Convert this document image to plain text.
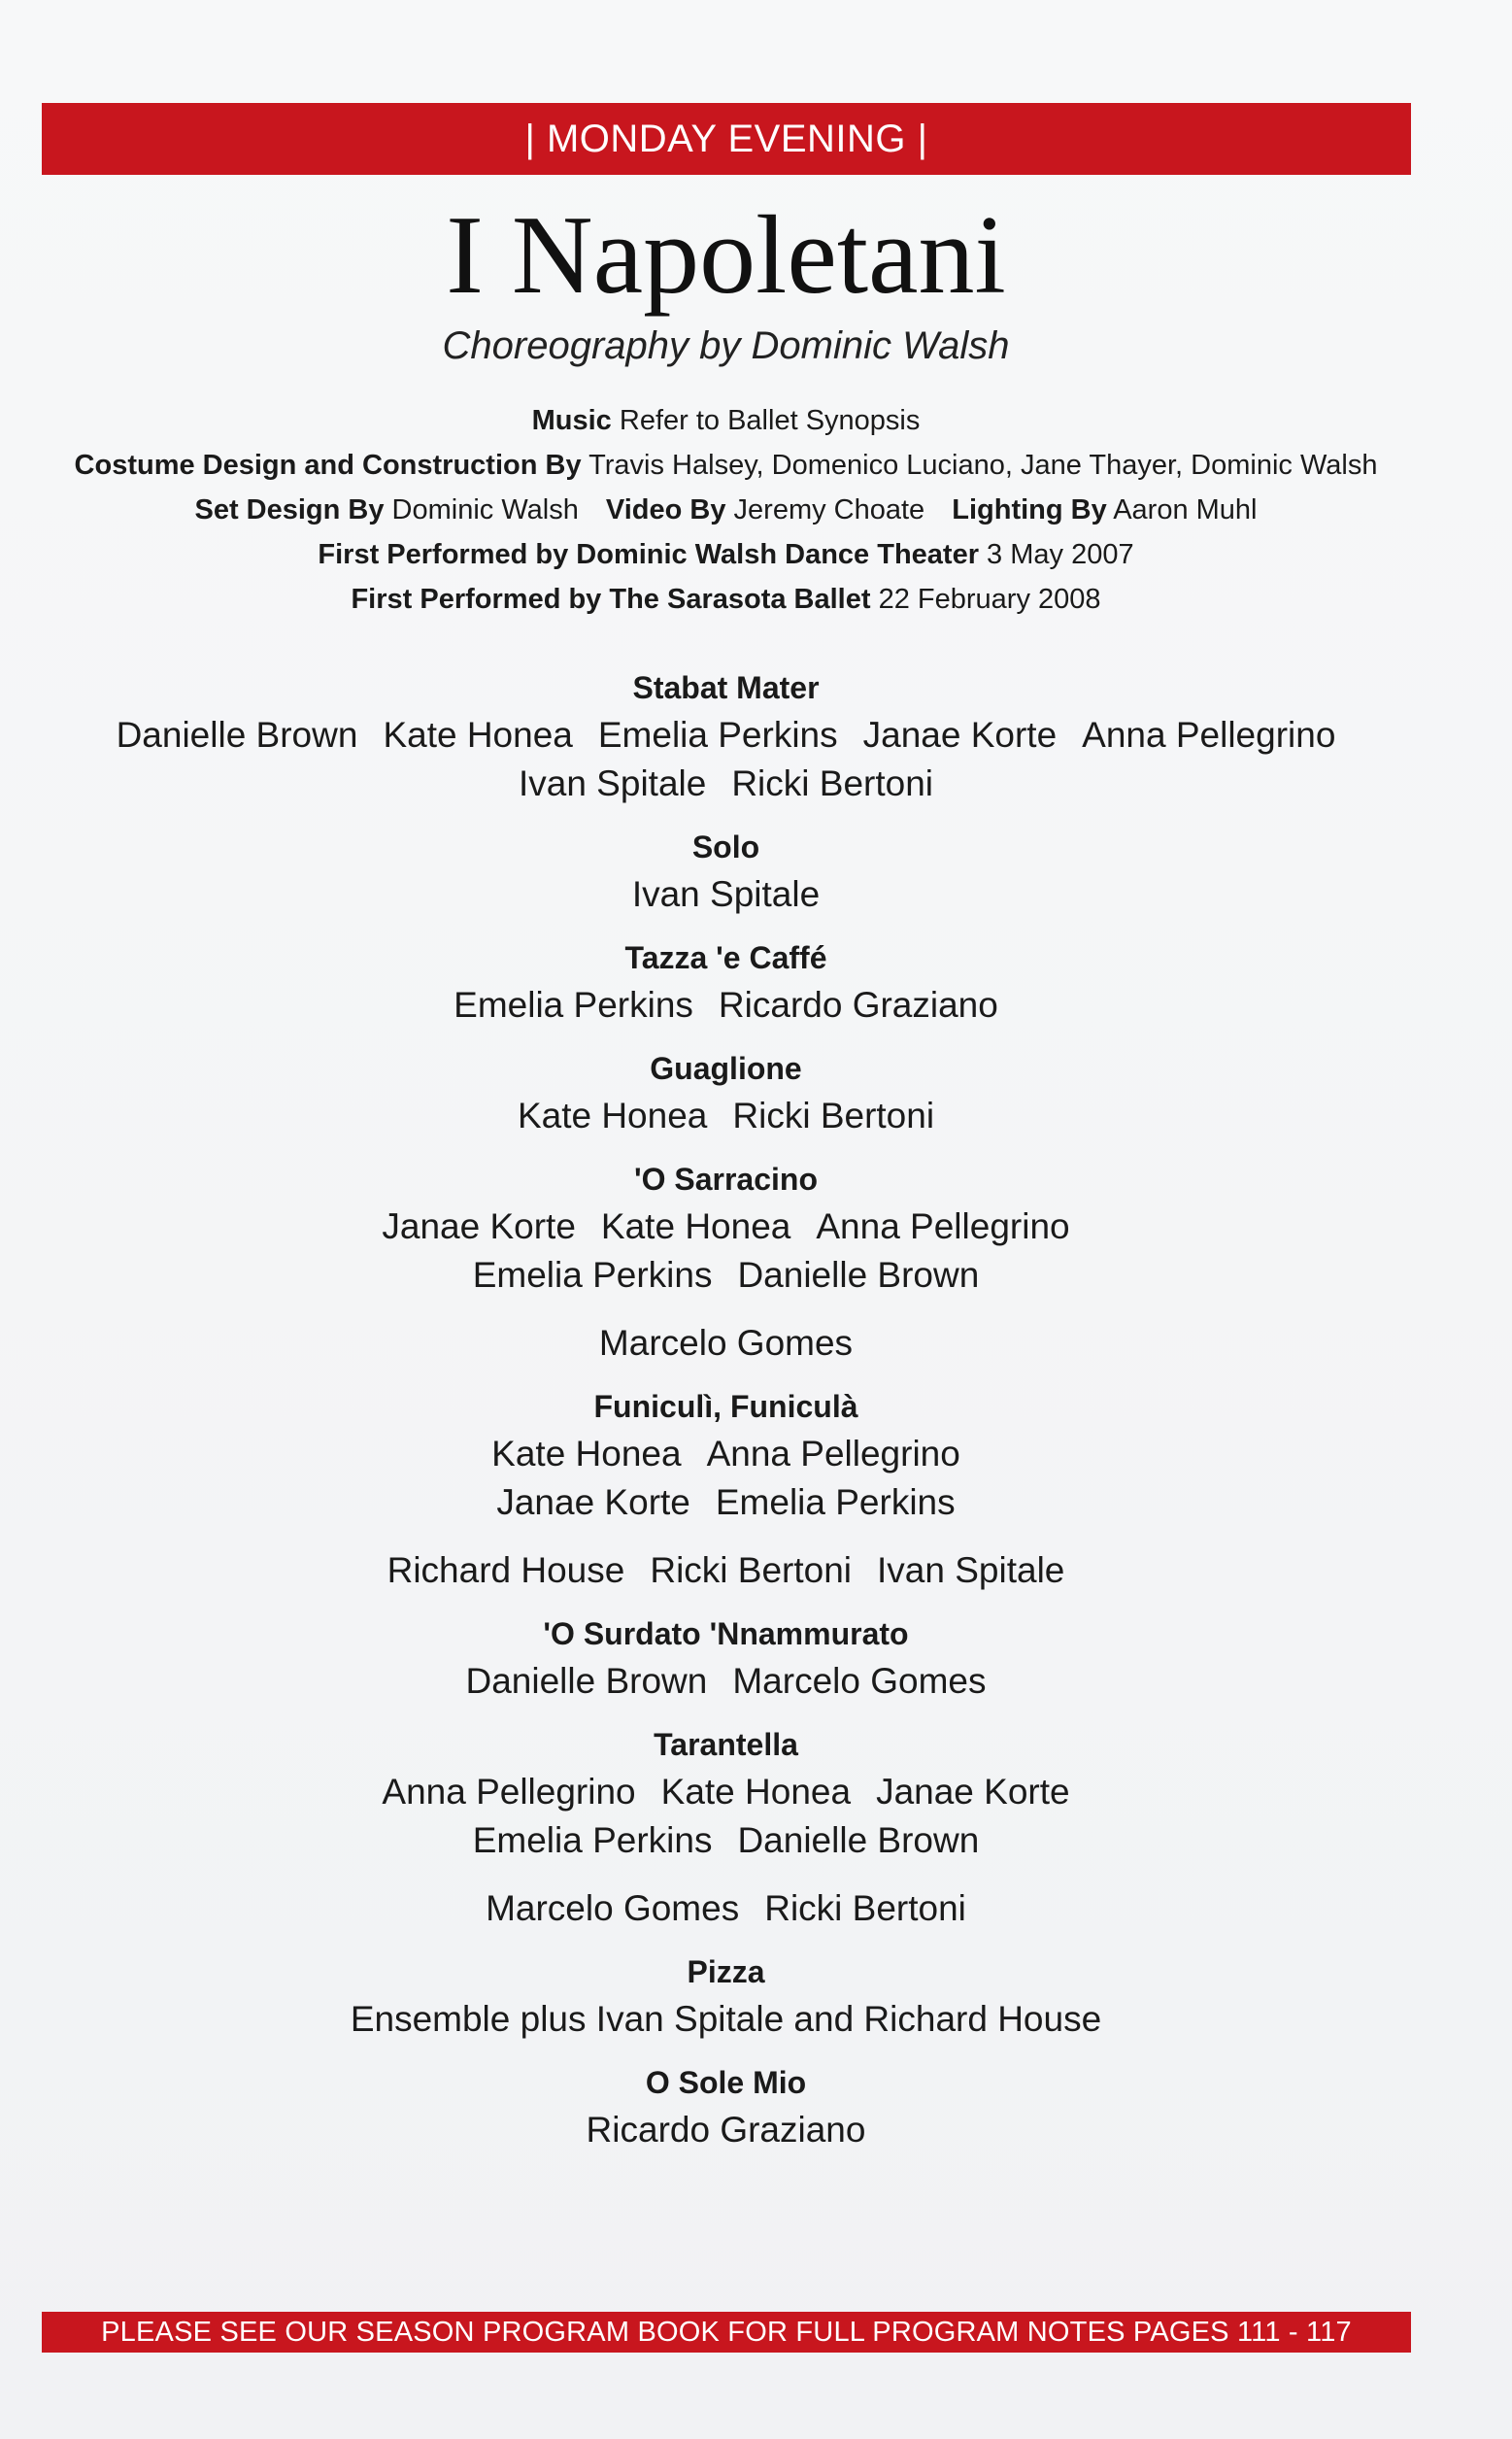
| MONDAY EVENING |
I Napoletani
Choreography by Dominic Walsh
Music Refer to Ballet Synopsis
Costume Design and Construction By Travis Halsey, Domenico Luciano, Jane Thayer, Dominic Walsh
Set Design By Dominic Walsh Video By Jeremy Choate Lighting By Aaron Muhl
First Performed by Dominic Walsh Dance Theater 3 May 2007
First Performed by The Sarasota Ballet 22 February 2008
Stabat Mater
Danielle Brown Kate Honea Emelia Perkins Janae Korte Anna Pellegrino
Ivan Spitale Ricki Bertoni
Solo
Ivan Spitale
Tazza 'e Caffé
Emelia Perkins Ricardo Graziano
Guaglione
Kate Honea Ricki Bertoni
'O Sarracino
Janae Korte Kate Honea Anna Pellegrino
Emelia Perkins Danielle Brown
Marcelo Gomes
Funiculì, Funiculà
Kate Honea Anna Pellegrino
Janae Korte Emelia Perkins
Richard House Ricki Bertoni Ivan Spitale
'O Surdato 'Nnammurato
Danielle Brown Marcelo Gomes
Tarantella
Anna Pellegrino Kate Honea Janae Korte
Emelia Perkins Danielle Brown
Marcelo Gomes Ricki Bertoni
Pizza
Ensemble plus Ivan Spitale and Richard House
O Sole Mio
Ricardo Graziano
PLEASE SEE OUR SEASON PROGRAM BOOK FOR FULL PROGRAM NOTES PAGES 111 - 117
